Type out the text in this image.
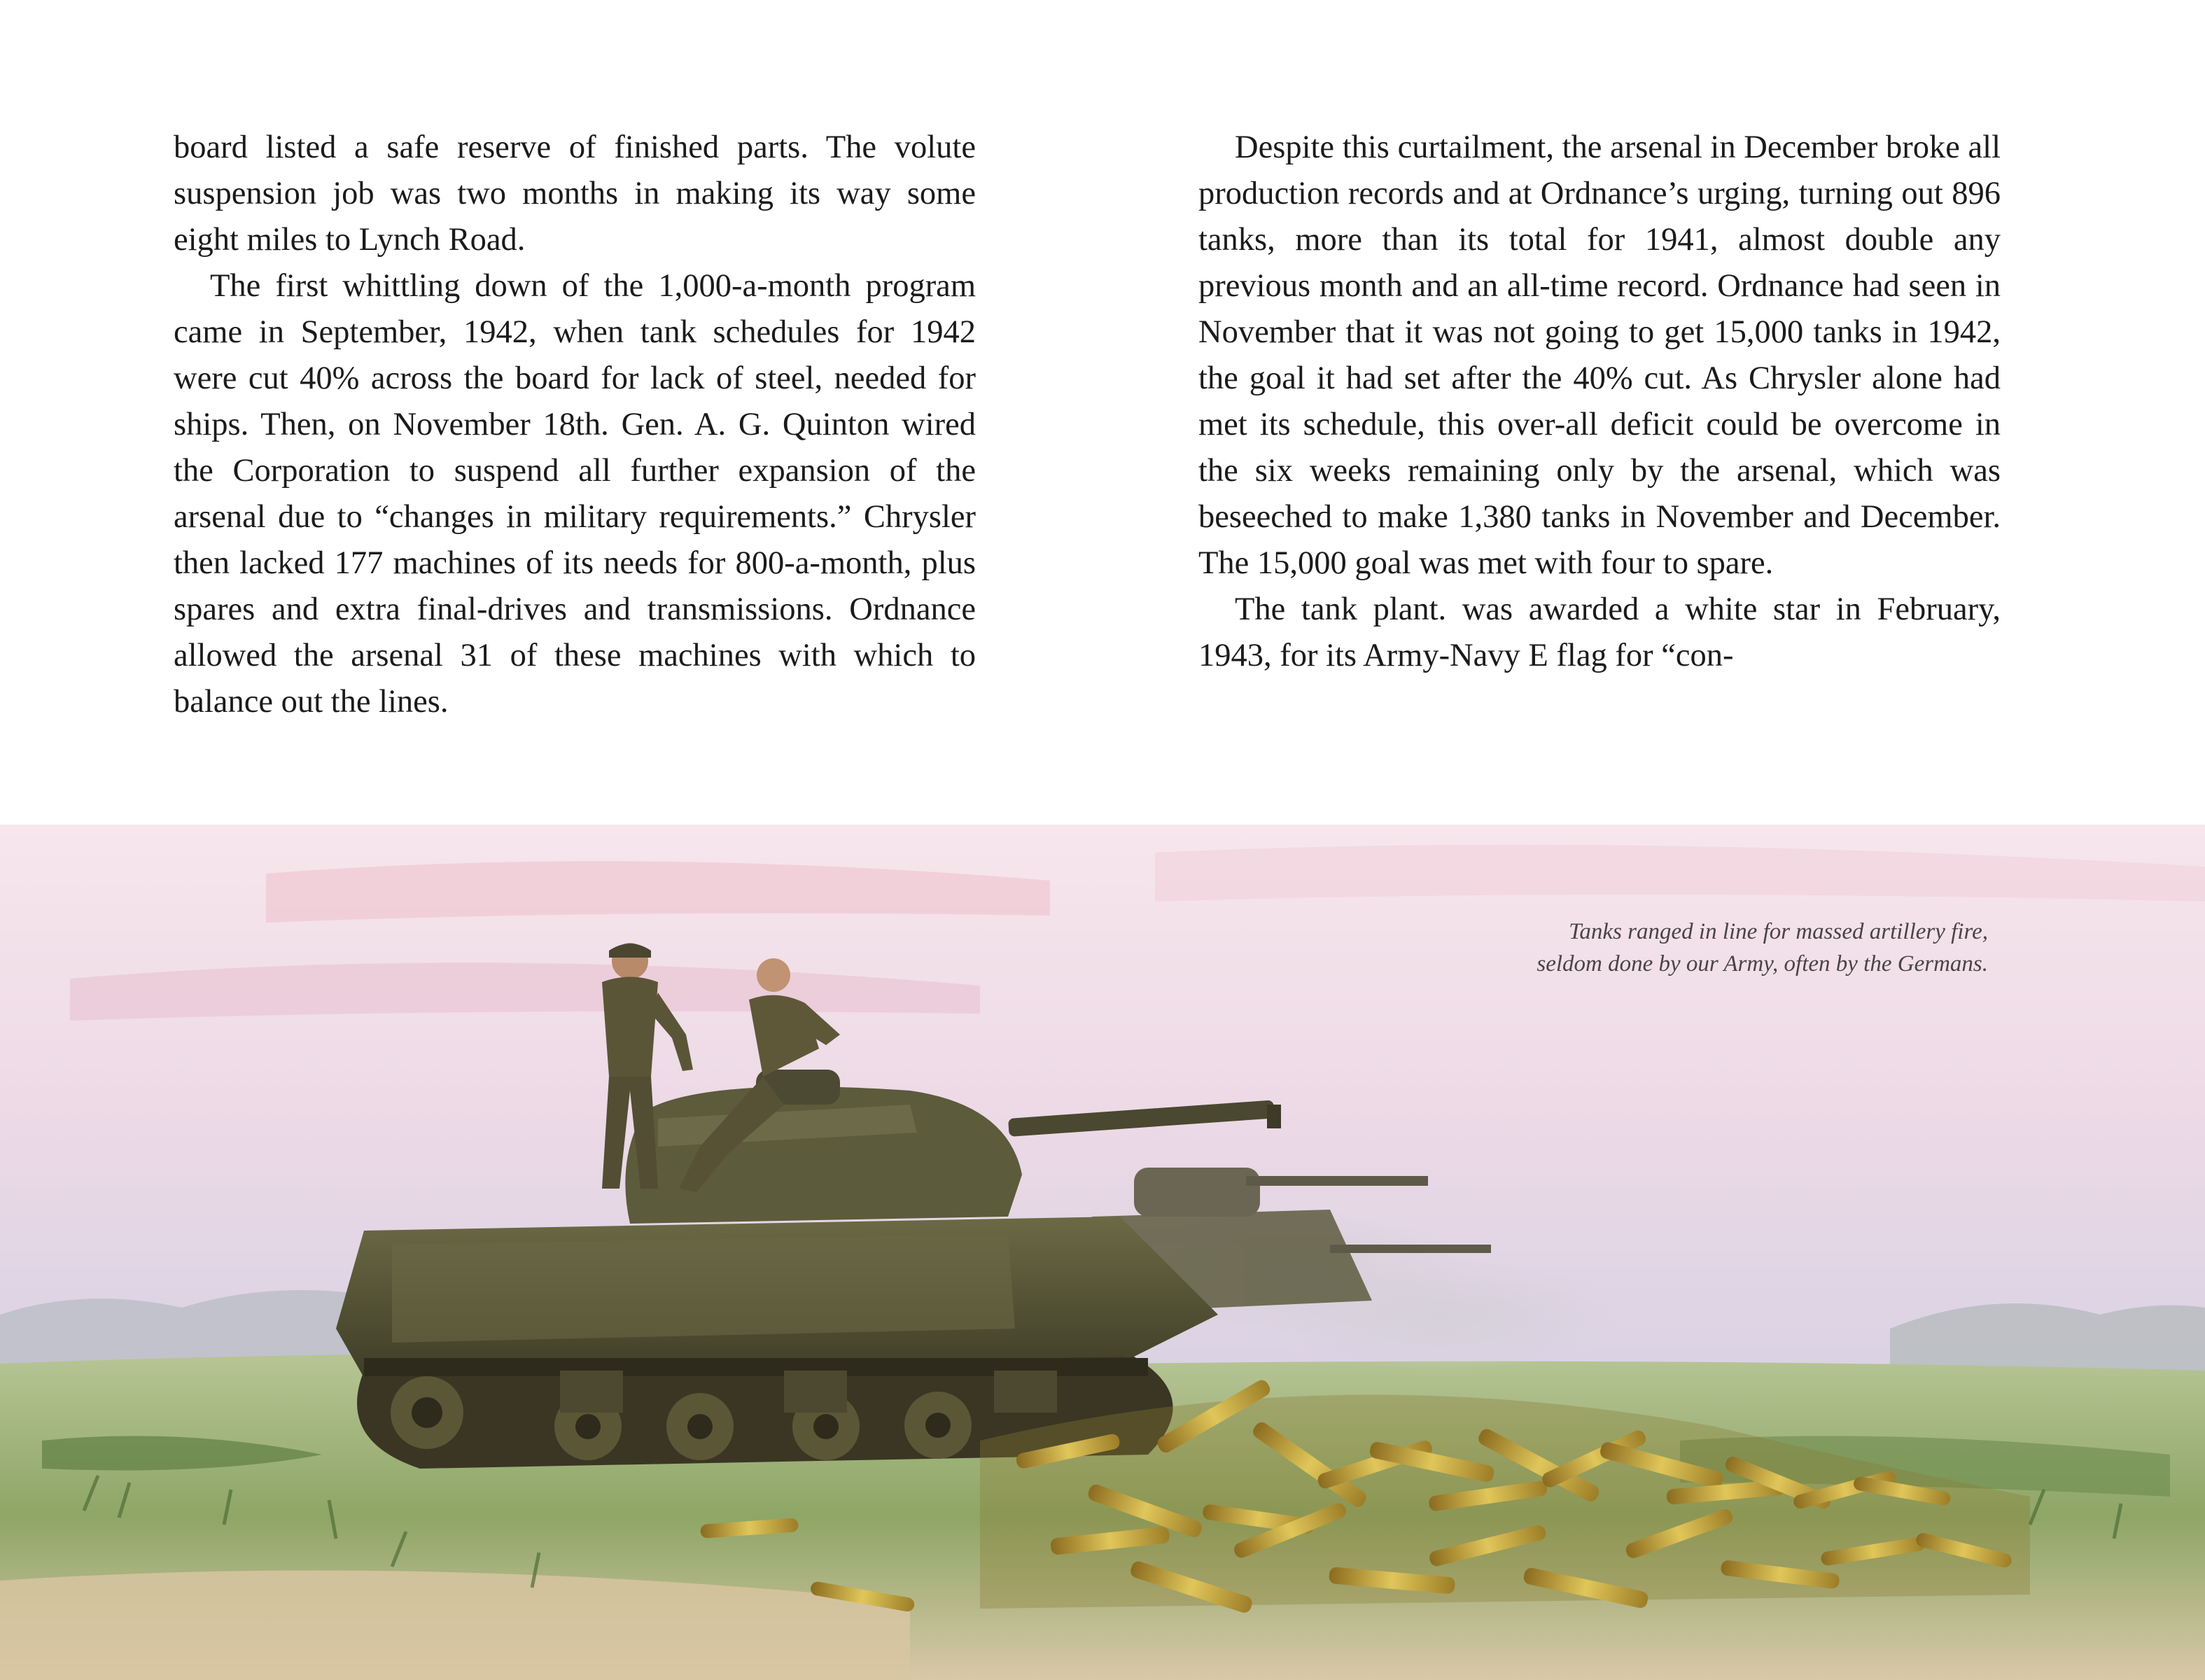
board listed a safe reserve of finished parts. The volute suspension job was two months in making its way some eight miles to Lynch Road.

The first whittling down of the 1,000-a-month program came in September, 1942, when tank schedules for 1942 were cut 40% across the board for lack of steel, needed for ships. Then, on November 18th. Gen. A. G. Quinton wired the Corporation to suspend all further expansion of the arsenal due to “changes in military requirements.” Chrysler then lacked 177 machines of its needs for 800-a-month, plus spares and extra final-drives and transmissions. Ordnance allowed the arsenal 31 of these machines with which to balance out the lines.

Despite this curtailment, the arsenal in December broke all production records and at Ordnance’s urging, turning out 896 tanks, more than its total for 1941, almost double any previous month and an all-time record. Ordnance had seen in November that it was not going to get 15,000 tanks in 1942, the goal it had set after the 40% cut. As Chrysler alone had met its schedule, this over-all deficit could be overcome in the six weeks remaining only by the arsenal, which was beseeched to make 1,380 tanks in November and December. The 15,000 goal was met with four to spare.

The tank plant. was awarded a white star in February, 1943, for its Army-Navy E flag for “con-

Tanks ranged in line for massed artillery fire,
seldom done by our Army, often by the Germans.
